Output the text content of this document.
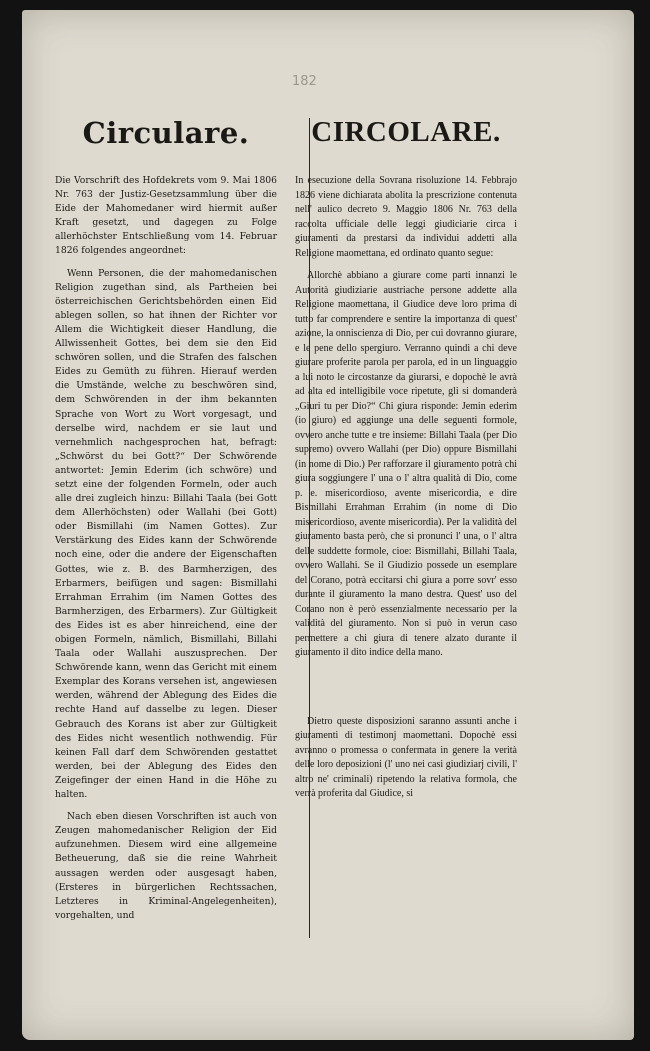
182
Circulare.

Die Vorschrift des Hofdekrets vom 9. Mai 1806 Nr. 763 der Justiz-Gesetzsammlung über die Eide der Mahomedaner wird hiermit außer Kraft gesetzt, und dagegen zu Folge allerhöchster Entschließung vom 14. Februar 1826 folgendes angeordnet:

Wenn Personen, die der mahomedanischen Religion zugethan sind, als Partheien bei österreichischen Gerichtsbehörden einen Eid ablegen sollen, so hat ihnen der Richter vor Allem die Wichtigkeit dieser Handlung, die Allwissenheit Gottes, bei dem sie den Eid schwören sollen, und die Strafen des falschen Eides zu Gemüth zu führen. Hierauf werden die Umstände, welche zu beschwören sind, dem Schwörenden in der ihm bekannten Sprache von Wort zu Wort vorgesagt, und derselbe wird, nachdem er sie laut und vernehmlich nachgesprochen hat, befragt: „Schwörst du bei Gott?“ Der Schwörende antwortet: Jemin Ederim (ich schwöre) und setzt eine der folgenden Formeln, oder auch alle drei zugleich hinzu: Billahi Taala (bei Gott dem Allerhöchsten) oder Wallahi (bei Gott) oder Bismillahi (im Namen Gottes). Zur Verstärkung des Eides kann der Schwörende noch eine, oder die andere der Eigenschaften Gottes, wie z. B. des Barmherzigen, des Erbarmers, beifügen und sagen: Bismillahi Errahman Errahim (im Namen Gottes des Barmherzigen, des Erbarmers). Zur Gültigkeit des Eides ist es aber hinreichend, eine der obigen Formeln, nämlich, Bismillahi, Billahi Taala oder Wallahi auszusprechen. Der Schwörende kann, wenn das Gericht mit einem Exemplar des Korans versehen ist, angewiesen werden, während der Ablegung des Eides die rechte Hand auf dasselbe zu legen. Dieser Gebrauch des Korans ist aber zur Gültigkeit des Eides nicht wesentlich nothwendig. Für keinen Fall darf dem Schwörenden gestattet werden, bei der Ablegung des Eides den Zeigefinger der einen Hand in die Höhe zu halten.

Nach eben diesen Vorschriften ist auch von Zeugen mahomedanischer Religion der Eid aufzunehmen. Diesem wird eine allgemeine Betheuerung, daß sie die reine Wahrheit aussagen werden oder ausgesagt haben, (Ersteres in bürgerlichen Rechtssachen, Letzteres in Kriminal-Angelegenheiten), vorgehalten, und

CIRCOLARE.

In esecuzione della Sovrana risoluzione 14. Febbrajo 1826 viene dichiarata abolita la prescrizione contenuta nell' aulico decreto 9. Maggio 1806 Nr. 763 della raccolta ufficiale delle leggi giudiciarie circa i giuramenti da prestarsi da individui addetti alla Religione maomettana, ed ordinato quanto segue:

Allorchè abbiano a giurare come parti innanzi le Autorità giudiziarie austriache persone addette alla Religione maomettana, il Giudice deve loro prima di tutto far comprendere e sentire la importanza di quest' azione, la onniscienza di Dio, per cui dovranno giurare, e le pene dello spergiuro. Verranno quindi a chi deve giurare proferite parola per parola, ed in un linguaggio a lui noto le circostanze da giurarsi, e dopochè le avrà ad alta ed intelligibile voce ripetute, gli si domanderà „Giuri tu per Dio?“ Chi giura risponde: Jemin ederim (io giuro) ed aggiunge una delle seguenti formole, ovvero anche tutte e tre insieme: Billahi Taala (per Dio supremo) ovvero Wallahi (per Dio) oppure Bismillahi (in nome di Dio.) Per rafforzare il giuramento potrà chi giura soggiungere l' una o l' altra qualità di Dio, come p. e. misericordioso, avente misericordia, e dire Bismillahi Errahman Errahim (in nome di Dio misericordioso, avente misericordia). Per la validità del giuramento basta però, che si pronunci l' una, o l' altra delle suddette formole, cioe: Bismillahi, Billahi Taala, ovvero Wallahi. Se il Giudizio possede un esemplare del Corano, potrà eccitarsi chi giura a porre sovr' esso durante il giuramento la mano destra. Quest' uso del Corano non è però essenzialmente necessario per la validità del giuramento. Non si può in verun caso permettere a chi giura di tenere alzato durante il giuramento il dito indice della mano.

Dietro queste disposizioni saranno assunti anche i giuramenti di testimonj maomettani. Dopochè essi avranno o promessa o confermata in genere la verità delle loro deposizioni (l' uno nei casi giudiziarj civili, l' altro ne' criminali) ripetendo la relativa formola, che verrà proferita dal Giudice, si
